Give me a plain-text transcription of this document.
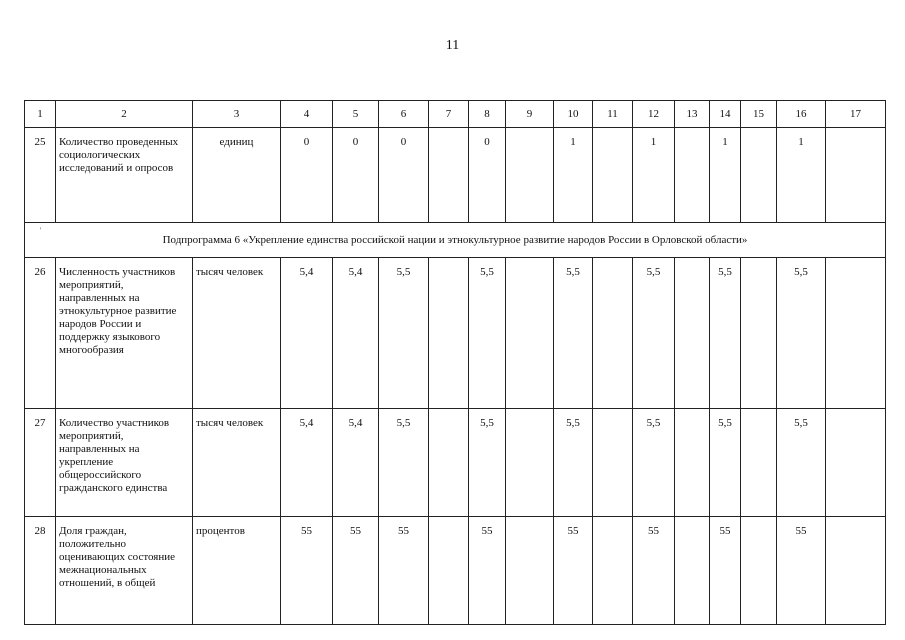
11
'
1	2	3	4	5	6	7	8	9	10	11	12	13	14	15	16	17
25	Количество проведенных социологических исследований и опросов	единиц	0	0	0		0		1		1		1		1	
Подпрограмма 6 «Укрепление единства российской нации и этнокультурное развитие народов России в Орловской области»																
26	Численность участников мероприятий, направленных на этнокультурное развитие народов России и поддержку языкового многообразия	тысяч человек	5,4	5,4	5,5		5,5		5,5		5,5		5,5		5,5	
27	Количество участников мероприятий, направленных на укрепление общероссийского гражданского единства	тысяч человек	5,4	5,4	5,5		5,5		5,5		5,5		5,5		5,5	
28	Доля граждан, положительно оценивающих состояние межнациональных отношений, в общей	процентов	55	55	55		55		55		55		55		55	
